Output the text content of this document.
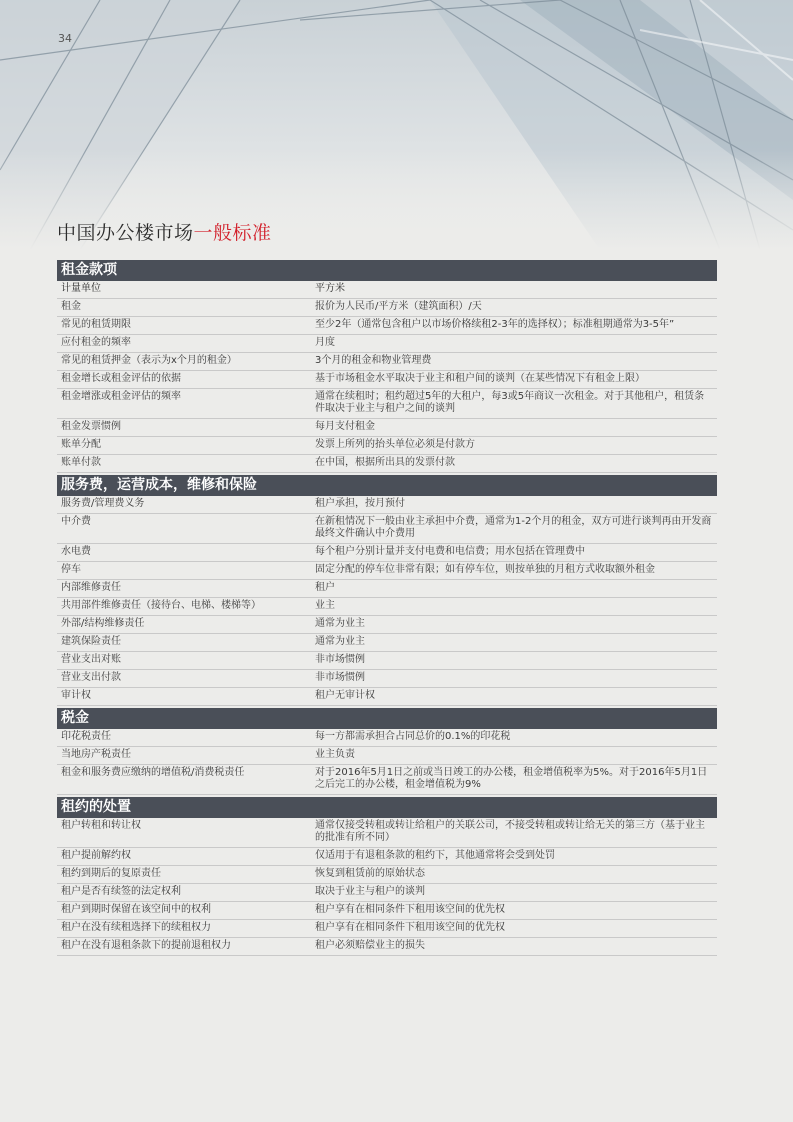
34
中国办公楼市场一般标准
租金款项
计量单位	平方米
租金	报价为人民币/平方米（建筑面积）/天
常见的租赁期限	至少2年（通常包含租户以市场价格续租2-3年的选择权）；标准租期通常为3-5年”
应付租金的频率	月度
常见的租赁押金（表示为x个月的租金）	3个月的租金和物业管理费
租金增长或租金评估的依据	基于市场租金水平取决于业主和租户间的谈判（在某些情况下有租金上限）
租金增涨或租金评估的频率	通常在续租时；租约超过5年的大租户，每3或5年商议一次租金。对于其他租户，租赁条件取决于业主与租户之间的谈判
租金发票惯例	每月支付租金
账单分配	发票上所列的抬头单位必须是付款方
账单付款	在中国，根据所出具的发票付款
服务费，运营成本，维修和保险
服务费/管理费义务	租户承担，按月预付
中介费	在新租情况下一般由业主承担中介费，通常为1-2个月的租金，双方可进行谈判再由开发商最终文件确认中介费用
水电费	每个租户分别计量并支付电费和电信费；用水包括在管理费中
停车	固定分配的停车位非常有限；如有停车位，则按单独的月租方式收取额外租金
内部维修责任	租户
共用部件维修责任（接待台、电梯、楼梯等）	业主
外部/结构维修责任	通常为业主
建筑保险责任	通常为业主
营业支出对账	非市场惯例
营业支出付款	非市场惯例
审计权	租户无审计权
税金
印花税责任	每一方都需承担合占同总价的0.1%的印花税
当地房产税责任	业主负责
租金和服务费应缴纳的增值税/消费税责任	对于2016年5月1日之前或当日竣工的办公楼，租金增值税率为5%。对于2016年5月1日之后完工的办公楼，租金增值税为9%
租约的处置
租户转租和转让权	通常仅接受转租或转让给租户的关联公司，不接受转租或转让给无关的第三方（基于业主的批准有所不同）
租户提前解约权	仅适用于有退租条款的租约下，其他通常将会受到处罚
租约到期后的复原责任	恢复到租赁前的原始状态
租户是否有续签的法定权利	取决于业主与租户的谈判
租户到期时保留在该空间中的权利	租户享有在相同条件下租用该空间的优先权
租户在没有续租选择下的续租权力	租户享有在相同条件下租用该空间的优先权
租户在没有退租条款下的提前退租权力	租户必须赔偿业主的损失
